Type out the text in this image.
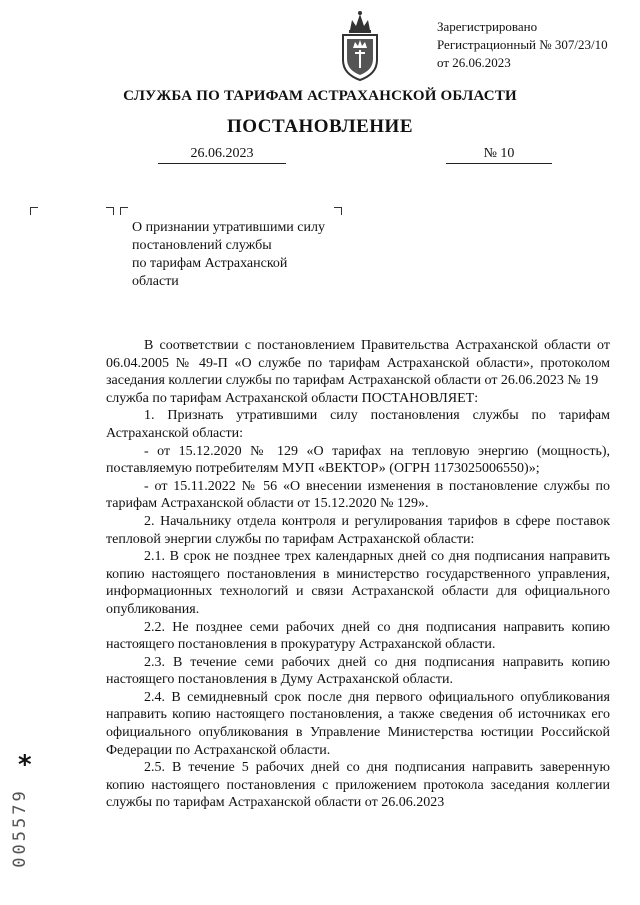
Зарегистрировано
Регистрационный № 307/23/10
от 26.06.2023
СЛУЖБА ПО ТАРИФАМ АСТРАХАНСКОЙ ОБЛАСТИ
ПОСТАНОВЛЕНИЕ
26.06.2023	№ 10
О признании утратившими силу
постановлений службы
по тарифам Астраханской
области

В соответствии с постановлением Правительства Астраханской области от 06.04.2005 № 49-П «О службе по тарифам Астраханской области», протоколом заседания коллегии службы по тарифам Астраханской области от 26.06.2023 № 19

служба по тарифам Астраханской области ПОСТАНОВЛЯЕТ:

1. Признать утратившими силу постановления службы по тарифам Астраханской области:

- от 15.12.2020 № 129 «О тарифах на тепловую энергию (мощность), поставляемую потребителям МУП «ВЕКТОР» (ОГРН 1173025006550)»;

- от 15.11.2022 № 56 «О внесении изменения в постановление службы по тарифам Астраханской области от 15.12.2020 № 129».

2. Начальнику отдела контроля и регулирования тарифов в сфере поставок тепловой энергии службы по тарифам Астраханской области:

2.1. В срок не позднее трех календарных дней со дня подписания направить копию настоящего постановления в министерство государственного управления, информационных технологий и связи Астраханской области для официального опубликования.

2.2. Не позднее семи рабочих дней со дня подписания направить копию настоящего постановления в прокуратуру Астраханской области.

2.3. В течение семи рабочих дней со дня подписания направить копию настоящего постановления в Думу Астраханской области.

2.4. В семидневный срок после дня первого официального опубликования направить копию настоящего постановления, а также сведения об источниках его официального опубликования в Управление Министерства юстиции Российской Федерации по Астраханской области.

2.5. В течение 5 рабочих дней со дня подписания направить заверенную копию настоящего постановления с приложением протокола заседания коллегии службы по тарифам Астраханской области от 26.06.2023

*
005579
